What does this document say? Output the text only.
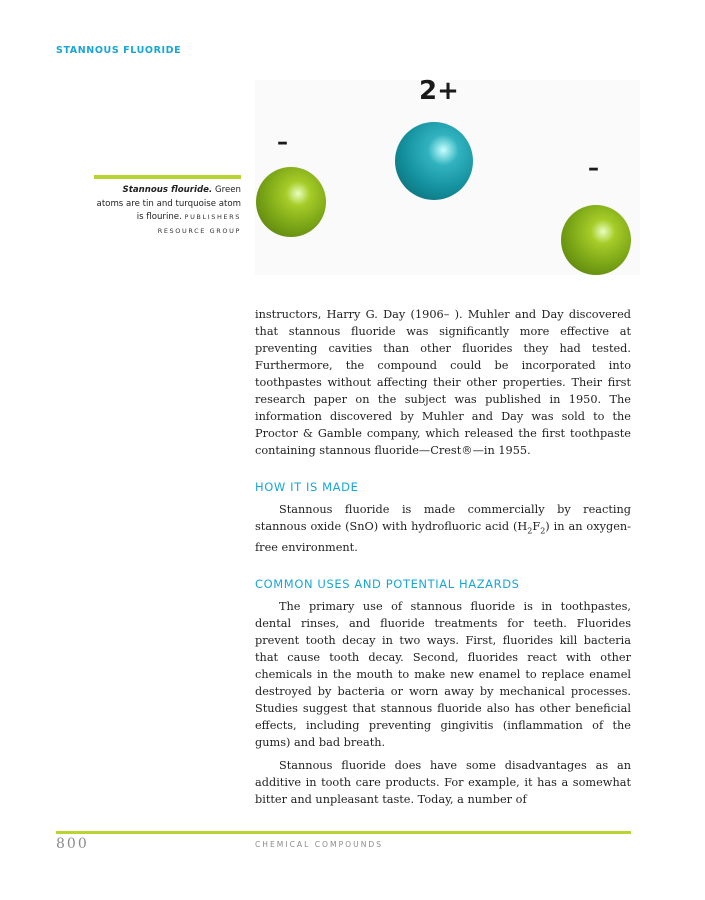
STANNOUS FLUORIDE
2+
–
–
Stannous flouride. Green atoms are tin and turquoise atom is flourine. PUBLISHERS RESOURCE GROUP

instructors, Harry G. Day (1906– ). Muhler and Day discovered that stannous fluoride was significantly more effective at preventing cavities than other fluorides they had tested. Furthermore, the compound could be incorporated into toothpastes without affecting their other properties. Their first research paper on the subject was published in 1950. The information discovered by Muhler and Day was sold to the Proctor & Gamble company, which released the first toothpaste containing stannous fluoride—Crest®—in 1955.

HOW IT IS MADE

Stannous fluoride is made commercially by reacting stannous oxide (SnO) with hydrofluoric acid $(H_2F_2)$ in an oxygen-free environment.

COMMON USES AND POTENTIAL HAZARDS

The primary use of stannous fluoride is in toothpastes, dental rinses, and fluoride treatments for teeth. Fluorides prevent tooth decay in two ways. First, fluorides kill bacteria that cause tooth decay. Second, fluorides react with other chemicals in the mouth to make new enamel to replace enamel destroyed by bacteria or worn away by mechanical processes. Studies suggest that stannous fluoride also has other beneficial effects, including preventing gingivitis (inflammation of the gums) and bad breath.

Stannous fluoride does have some disadvantages as an additive in tooth care products. For example, it has a somewhat bitter and unpleasant taste. Today, a number of

800	CHEMICAL COMPOUNDS
